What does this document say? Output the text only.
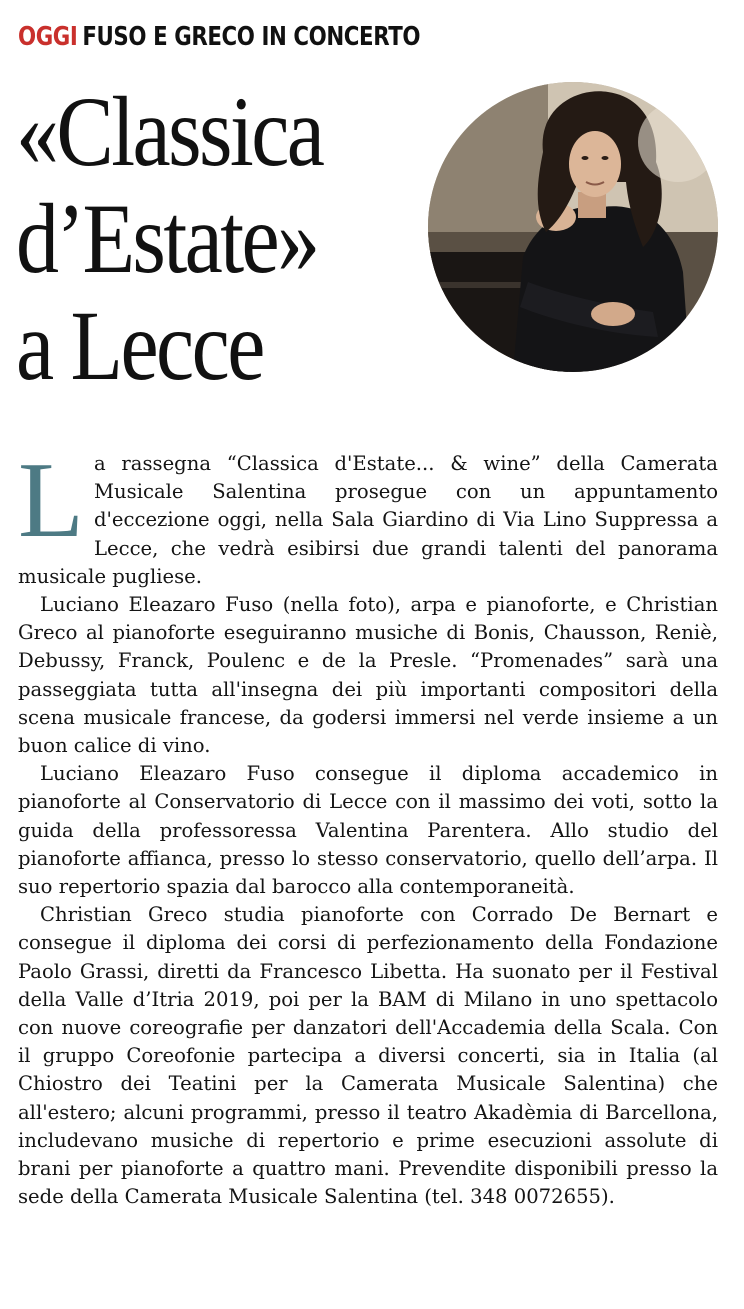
OGGI FUSO E GRECO IN CONCERTO
«Classica
d’Estate»
a Lecce

La rassegna “Classica d'Estate... & wine” della Camerata Musicale Salentina prosegue con un appuntamento d'eccezione oggi, nella Sala Giardino di Via Lino Suppressa a Lecce, che vedrà esibirsi due grandi talenti del panorama musicale pugliese.

Luciano Eleazaro Fuso (nella foto), arpa e pianoforte, e Christian Greco al pianoforte eseguiranno musiche di Bonis, Chausson, Reniè, Debussy, Franck, Poulenc e de la Presle. “Promenades” sarà una passeggiata tutta all'insegna dei più importanti compositori della scena musicale francese, da godersi immersi nel verde insieme a un buon calice di vino.

Luciano Eleazaro Fuso consegue il diploma accademico in pianoforte al Conservatorio di Lecce con il massimo dei voti, sotto la guida della professoressa Valentina Parentera. Allo studio del pianoforte affianca, presso lo stesso conservatorio, quello dell’arpa. Il suo repertorio spazia dal barocco alla contemporaneità.

Christian Greco studia pianoforte con Corrado De Bernart e consegue il diploma dei corsi di perfezionamento della Fondazione Paolo Grassi, diretti da Francesco Libetta. Ha suonato per il Festival della Valle d’Itria 2019, poi per la BAM di Milano in uno spettacolo con nuove coreografie per danzatori dell'Accademia della Scala. Con il gruppo Coreofonie partecipa a diversi concerti, sia in Italia (al Chiostro dei Teatini per la Camerata Musicale Salentina) che all'estero; alcuni programmi, presso il teatro Akadèmia di Barcellona, includevano musiche di repertorio e prime esecuzioni assolute di brani per pianoforte a quattro mani. Prevendite disponibili presso la sede della Camerata Musicale Salentina (tel. 348 0072655).
